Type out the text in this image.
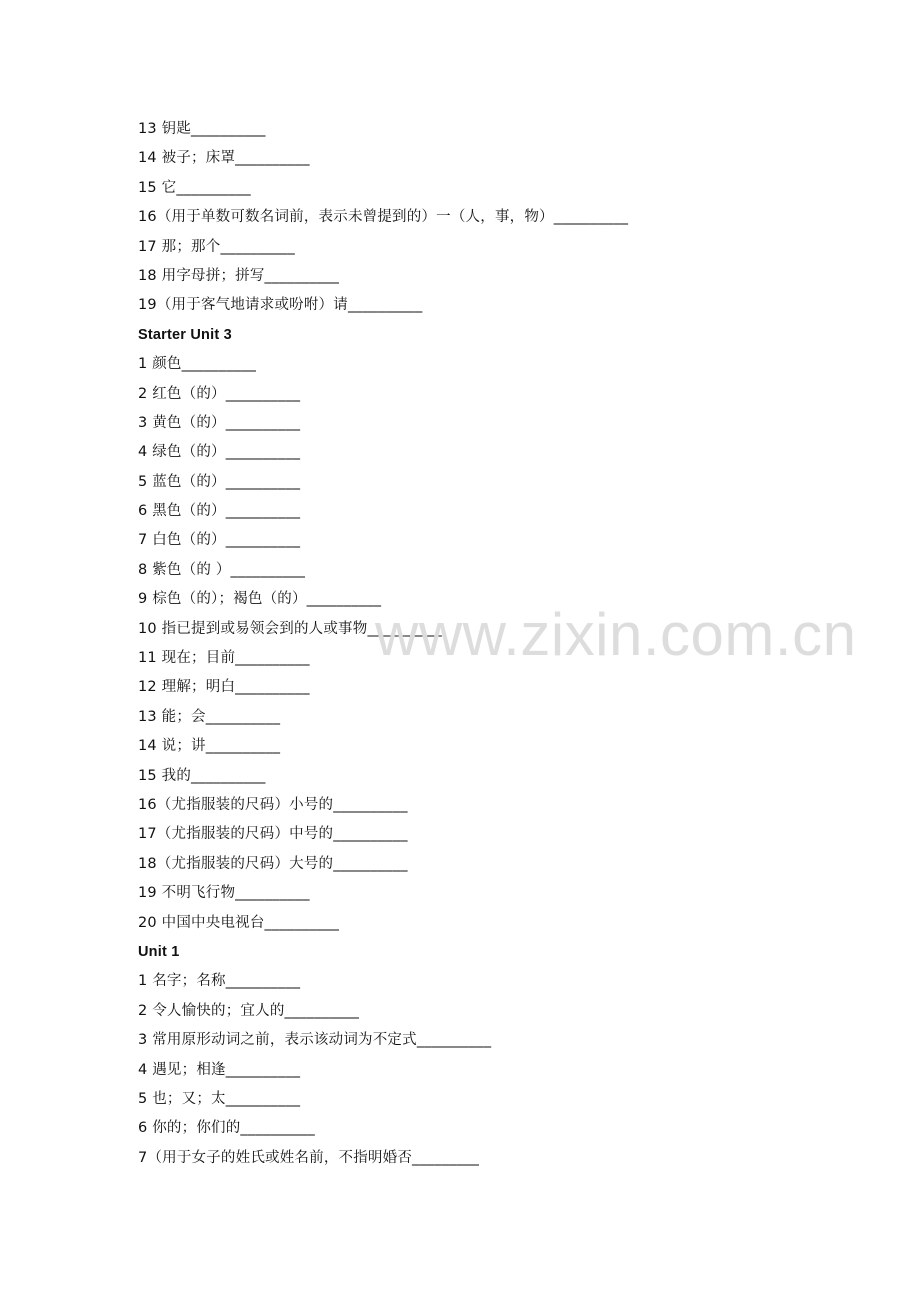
13 钥匙__________
14 被子；床罩__________
15 它__________
16（用于单数可数名词前，表示未曾提到的）一（人，事，物）__________
17 那；那个__________
18 用字母拼；拼写__________
19（用于客气地请求或吩咐）请__________
Starter Unit 3
1 颜色__________
2 红色（的）__________
3 黄色（的）__________
4 绿色（的）__________
5 蓝色（的）__________
6 黑色（的）__________
7 白色（的）__________
8 紫色（的 ）__________
9 棕色（的）；褐色（的）__________
10 指已提到或易领会到的人或事物__________
11 现在；目前__________
12 理解；明白__________
13 能；会__________
14 说；讲__________
15 我的__________
16（尤指服装的尺码）小号的__________
17（尤指服装的尺码）中号的__________
18（尤指服装的尺码）大号的__________
19 不明飞行物__________
20 中国中央电视台__________
Unit 1
1 名字；名称__________
2 令人愉快的；宜人的__________
3 常用原形动词之前，表示该动词为不定式__________
4 遇见；相逢__________
5 也；又；太__________
6 你的；你们的__________
7（用于女子的姓氏或姓名前，不指明婚否_________
www.zixin.com.cn
